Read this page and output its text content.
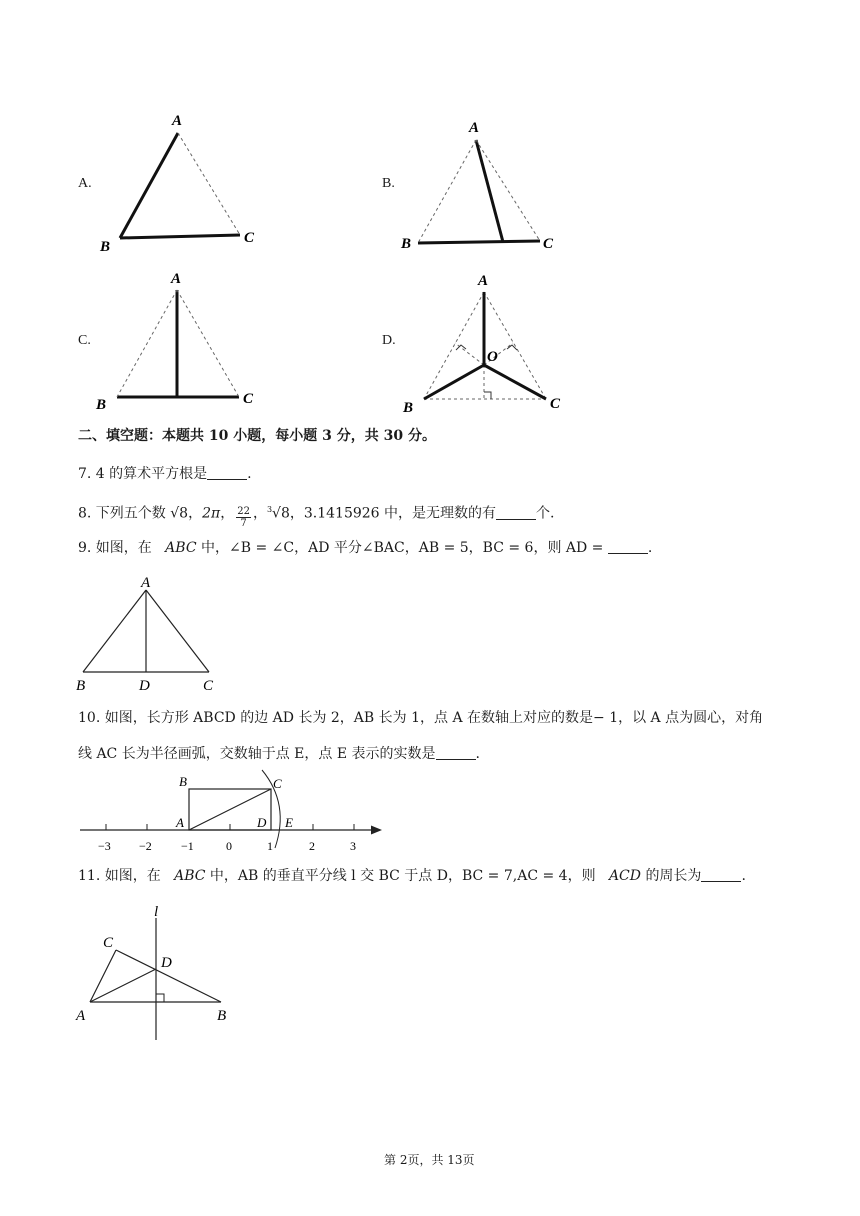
A.	B.
C.	D.
A
B
C
A
B	C
A
B	C
A
O
B	C
二、填空题：本题共 10 小题，每小题 3 分，共 30 分。
7. 4 的算术平方根是	.
8. 下列五个数 √8，2π， $\frac{22}{7}$ ，$^3$√8，3.1415926 中，是无理数的有	个.
9. 如图，在 ABC 中，∠B = ∠C，AD 平分∠BAC，AB = 5，BC = 6，则 AD =	.
A
B	D	C
10. 如图，长方形 ABCD 的边 AD 长为 2，AB 长为 1，点 A 在数轴上对应的数是− 1，以 A 点为圆心，对角
线 AC 长为半径画弧，交数轴于点 E，点 E 表示的实数是	.
−3 −2 −1	0	1	2	3
B	C
A	D E
11. 如图，在 ABC 中，AB 的垂直平分线 l 交 BC 于点 D，BC = 7,AC = 4，则 ACD 的周长为	.
l
C
D
A	B
第 2页，共 13页
